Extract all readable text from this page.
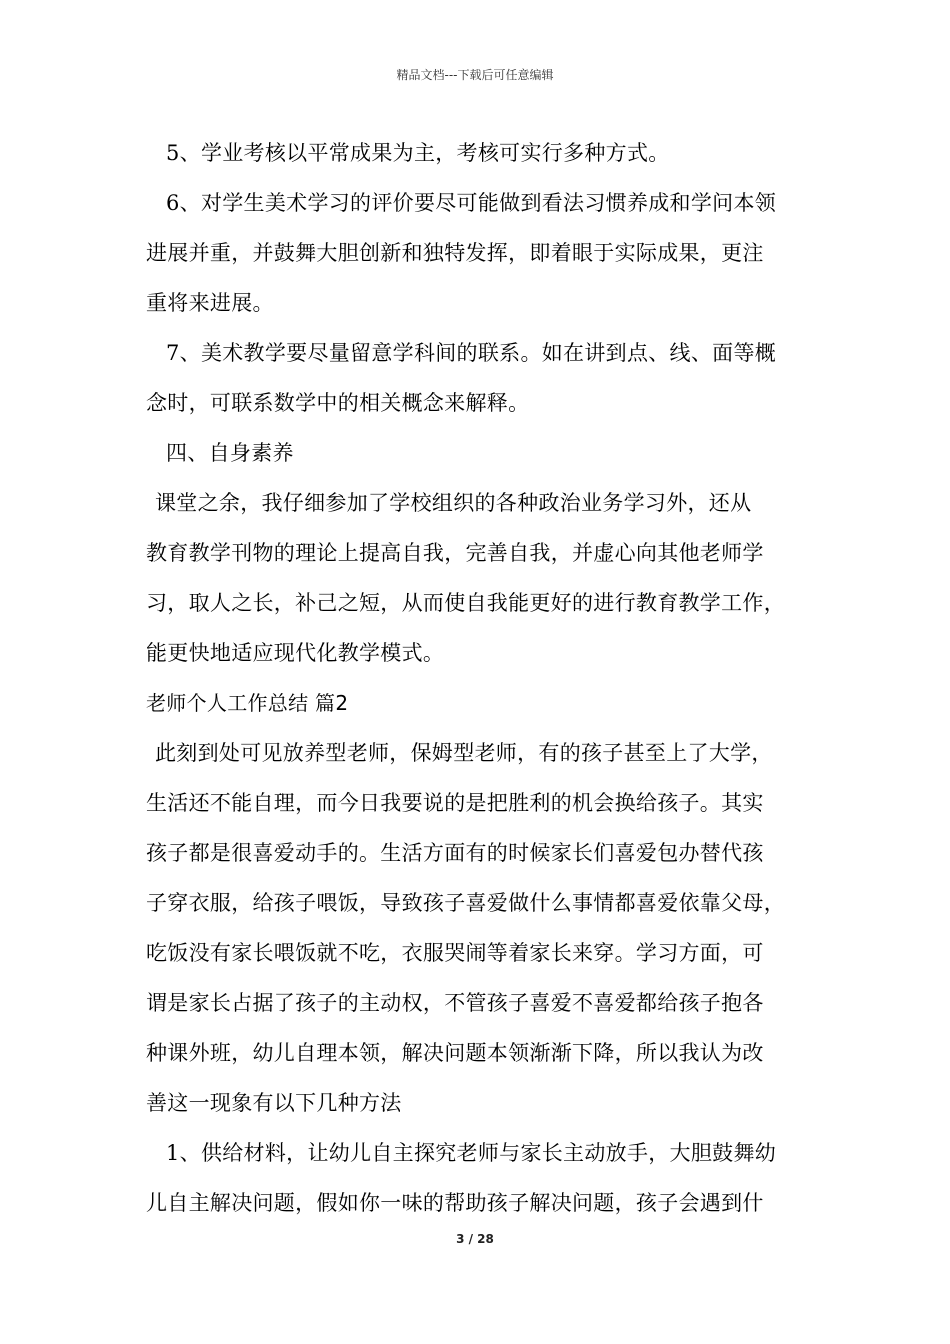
精品文档---下载后可任意编辑
5、学业考核以平常成果为主，考核可实行多种方式。
6、对学生美术学习的评价要尽可能做到看法习惯养成和学问本领
进展并重，并鼓舞大胆创新和独特发挥，即着眼于实际成果，更注
重将来进展。
7、美术教学要尽量留意学科间的联系。如在讲到点、线、面等概
念时，可联系数学中的相关概念来解释。
四、自身素养
课堂之余，我仔细参加了学校组织的各种政治业务学习外，还从
教育教学刊物的理论上提高自我，完善自我，并虚心向其他老师学
习，取人之长，补己之短，从而使自我能更好的进行教育教学工作，
能更快地适应现代化教学模式。
老师个人工作总结 篇2
此刻到处可见放养型老师，保姆型老师，有的孩子甚至上了大学，
生活还不能自理，而今日我要说的是把胜利的机会换给孩子。其实
孩子都是很喜爱动手的。生活方面有的时候家长们喜爱包办替代孩
子穿衣服，给孩子喂饭，导致孩子喜爱做什么事情都喜爱依靠父母，
吃饭没有家长喂饭就不吃，衣服哭闹等着家长来穿。学习方面，可
谓是家长占据了孩子的主动权，不管孩子喜爱不喜爱都给孩子抱各
种课外班，幼儿自理本领，解决问题本领渐渐下降，所以我认为改
善这一现象有以下几种方法
1、供给材料，让幼儿自主探究老师与家长主动放手，大胆鼓舞幼
儿自主解决问题，假如你一味的帮助孩子解决问题，孩子会遇到什
3 / 28
